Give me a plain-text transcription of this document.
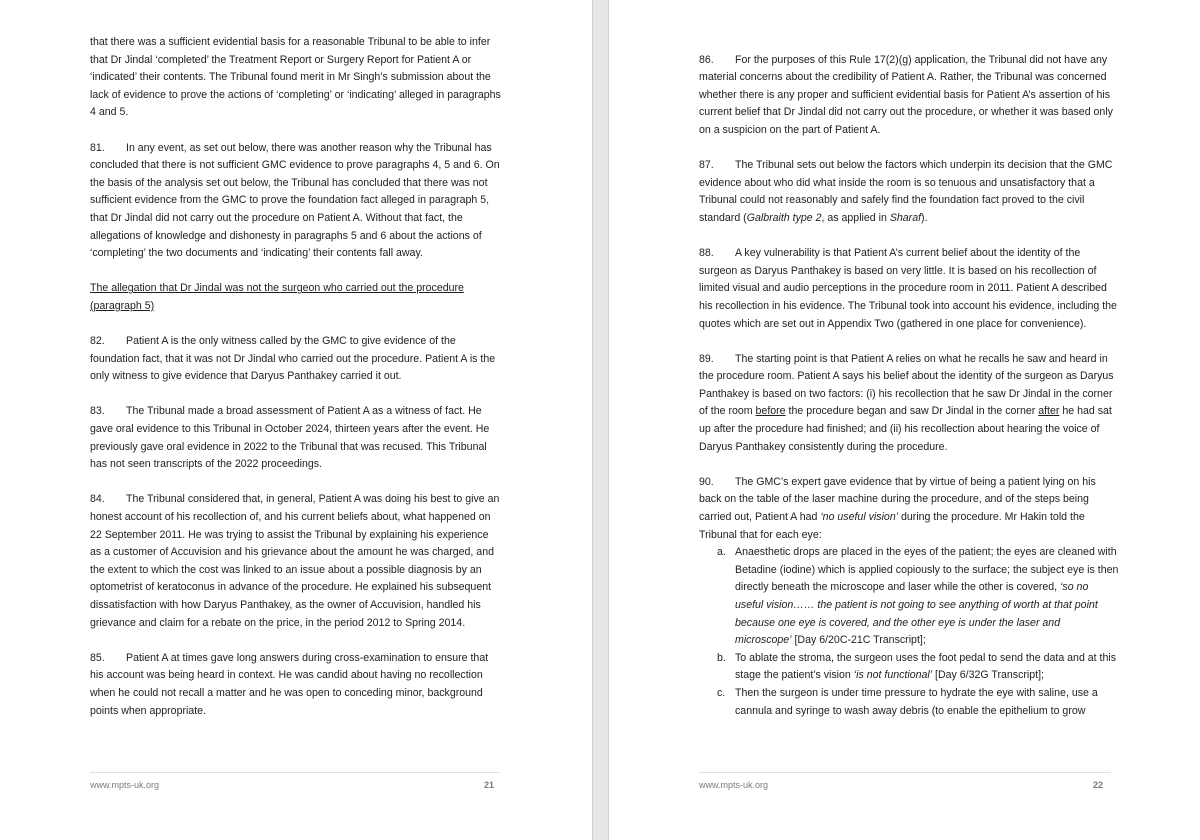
that there was a sufficient evidential basis for a reasonable Tribunal to be able to infer that Dr Jindal ‘completed’ the Treatment Report or Surgery Report for Patient A or ‘indicated’ their contents. The Tribunal found merit in Mr Singh’s submission about the lack of evidence to prove the actions of ‘completing’ or ‘indicating’ alleged in paragraphs 4 and 5.

81. In any event, as set out below, there was another reason why the Tribunal has concluded that there is not sufficient GMC evidence to prove paragraphs 4, 5 and 6. On the basis of the analysis set out below, the Tribunal has concluded that there was not sufficient evidence from the GMC to prove the foundation fact alleged in paragraph 5, that Dr Jindal did not carry out the procedure on Patient A. Without that fact, the allegations of knowledge and dishonesty in paragraphs 5 and 6 about the actions of ‘completing’ the two documents and ‘indicating’ their contents fall away.

The allegation that Dr Jindal was not the surgeon who carried out the procedure
(paragraph 5)

82. Patient A is the only witness called by the GMC to give evidence of the foundation fact, that it was not Dr Jindal who carried out the procedure. Patient A is the only witness to give evidence that Daryus Panthakey carried it out.

83. The Tribunal made a broad assessment of Patient A as a witness of fact. He gave oral evidence to this Tribunal in October 2024, thirteen years after the event. He previously gave oral evidence in 2022 to the Tribunal that was recused. This Tribunal has not seen transcripts of the 2022 proceedings.

84. The Tribunal considered that, in general, Patient A was doing his best to give an honest account of his recollection of, and his current beliefs about, what happened on 22 September 2011. He was trying to assist the Tribunal by explaining his experience as a customer of Accuvision and his grievance about the amount he was charged, and the extent to which the cost was linked to an issue about a possible diagnosis by an optometrist of keratoconus in advance of the procedure. He explained his subsequent dissatisfaction with how Daryus Panthakey, as the owner of Accuvision, handled his grievance and claim for a rebate on the price, in the period 2012 to Spring 2014.

85. Patient A at times gave long answers during cross-examination to ensure that his account was being heard in context. He was candid about having no recollection when he could not recall a matter and he was open to conceding minor, background points when appropriate.

www.mpts-uk.org	21

86. For the purposes of this Rule 17(2)(g) application, the Tribunal did not have any material concerns about the credibility of Patient A. Rather, the Tribunal was concerned whether there is any proper and sufficient evidential basis for Patient A’s assertion of his current belief that Dr Jindal did not carry out the procedure, or whether it was based only on a suspicion on the part of Patient A.

87. The Tribunal sets out below the factors which underpin its decision that the GMC evidence about who did what inside the room is so tenuous and unsatisfactory that a Tribunal could not reasonably and safely find the foundation fact proved to the civil standard (Galbraith type 2, as applied in Sharaf).

88. A key vulnerability is that Patient A’s current belief about the identity of the surgeon as Daryus Panthakey is based on very little. It is based on his recollection of limited visual and audio perceptions in the procedure room in 2011. Patient A described his recollection in his evidence. The Tribunal took into account his evidence, including the quotes which are set out in Appendix Two (gathered in one place for convenience).

89. The starting point is that Patient A relies on what he recalls he saw and heard in the procedure room. Patient A says his belief about the identity of the surgeon as Daryus Panthakey is based on two factors: (i) his recollection that he saw Dr Jindal in the corner of the room before the procedure began and saw Dr Jindal in the corner after he had sat up after the procedure had finished; and (ii) his recollection about hearing the voice of Daryus Panthakey consistently during the procedure.

90. The GMC’s expert gave evidence that by virtue of being a patient lying on his back on the table of the laser machine during the procedure, and of the steps being carried out, Patient A had ‘no useful vision’ during the procedure. Mr Hakin told the Tribunal that for each eye:

a. Anaesthetic drops are placed in the eyes of the patient; the eyes are cleaned with Betadine (iodine) which is applied copiously to the surface; the subject eye is then directly beneath the microscope and laser while the other is covered, ‘so no useful vision…… the patient is not going to see anything of worth at that point because one eye is covered, and the other eye is under the laser and microscope’ [Day 6/20C-21C Transcript];
b. To ablate the stroma, the surgeon uses the foot pedal to send the data and at this stage the patient’s vision ‘is not functional’ [Day 6/32G Transcript];
c. Then the surgeon is under time pressure to hydrate the eye with saline, use a cannula and syringe to wash away debris (to enable the epithelium to grow
www.mpts-uk.org	22
